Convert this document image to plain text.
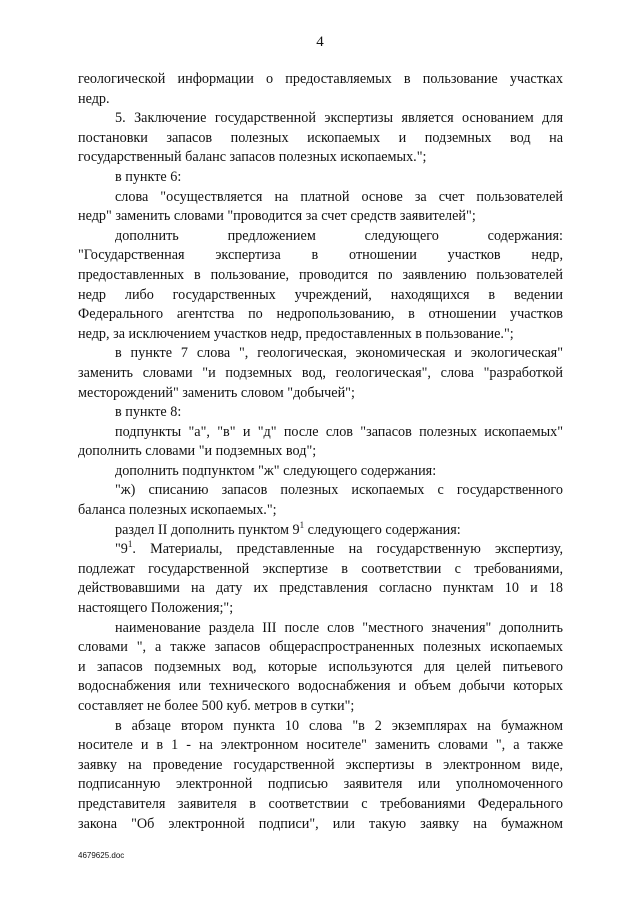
4
геологической информации о предоставляемых в пользование участках
недр.
5. Заключение государственной экспертизы является основанием для
постановки запасов полезных ископаемых и подземных вод на
государственный баланс запасов полезных ископаемых.";
в пункте 6:
слова "осуществляется на платной основе за счет пользователей
недр" заменить словами "проводится за счет средств заявителей";
дополнить предложением следующего содержания:
"Государственная экспертиза в отношении участков недр,
предоставленных в пользование, проводится по заявлению пользователей
недр либо государственных учреждений, находящихся в ведении
Федерального агентства по недропользованию, в отношении участков
недр, за исключением участков недр, предоставленных в пользование.";
в пункте 7 слова ", геологическая, экономическая и экологическая"
заменить словами "и подземных вод, геологическая", слова "разработкой
месторождений" заменить словом "добычей";
в пункте 8:
подпункты "а", "в" и "д" после слов "запасов полезных ископаемых"
дополнить словами "и подземных вод";
дополнить подпунктом "ж" следующего содержания:
"ж) списанию запасов полезных ископаемых с государственного
баланса полезных ископаемых.";
раздел II дополнить пунктом $9^1$ следующего содержания:
"$9^1$. Материалы, представленные на государственную экспертизу,
подлежат государственной экспертизе в соответствии с требованиями,
действовавшими на дату их представления согласно пунктам 10 и 18
настоящего Положения;";
наименование раздела III после слов "местного значения" дополнить
словами ", а также запасов общераспространенных полезных ископаемых
и запасов подземных вод, которые используются для целей питьевого
водоснабжения или технического водоснабжения и объем добычи которых
составляет не более 500 куб. метров в сутки";
в абзаце втором пункта 10 слова "в 2 экземплярах на бумажном
носителе и в 1 - на электронном носителе" заменить словами ", а также
заявку на проведение государственной экспертизы в электронном виде,
подписанную электронной подписью заявителя или уполномоченного
представителя заявителя в соответствии с требованиями Федерального
закона "Об электронной подписи", или такую заявку на бумажном
4679625.doc
